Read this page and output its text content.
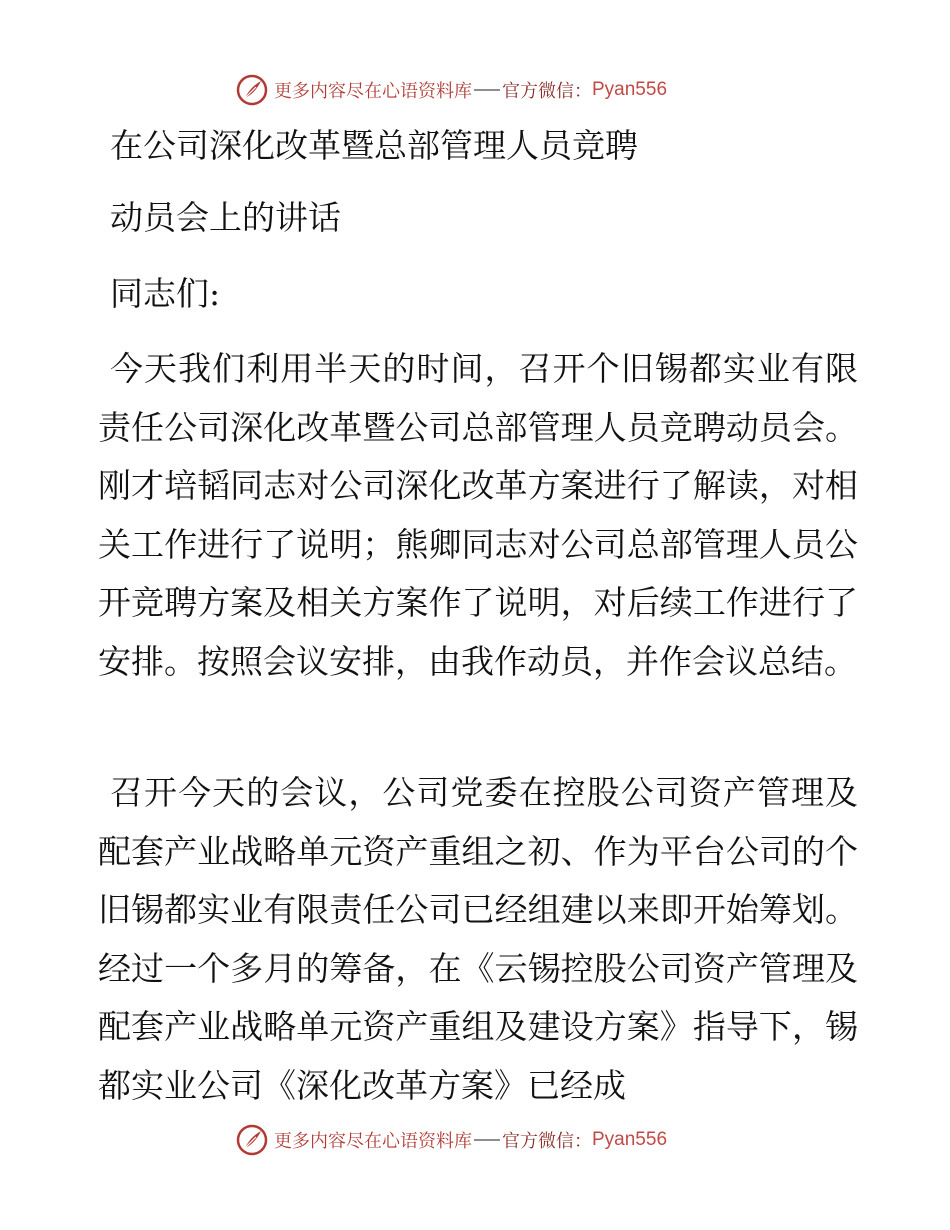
更多内容尽在心语资料库 官方微信： Pyan556
在公司深化改革暨总部管理人员竞聘
动员会上的讲话
同志们:

今天我们利用半天的时间，召开个旧锡都实业有限责任公司深化改革暨公司总部管理人员竞聘动员会。刚才培韬同志对公司深化改革方案进行了解读，对相关工作进行了说明；熊卿同志对公司总部管理人员公开竞聘方案及相关方案作了说明，对后续工作进行了安排。按照会议安排，由我作动员，并作会议总结。

召开今天的会议，公司党委在控股公司资产管理及配套产业战略单元资产重组之初、作为平台公司的个旧锡都实业有限责任公司已经组建以来即开始筹划。经过一个多月的筹备，在《云锡控股公司资产管理及配套产业战略单元资产重组及建设方案》指导下，锡都实业公司《深化改革方案》已经成

更多内容尽在心语资料库 官方微信： Pyan556
